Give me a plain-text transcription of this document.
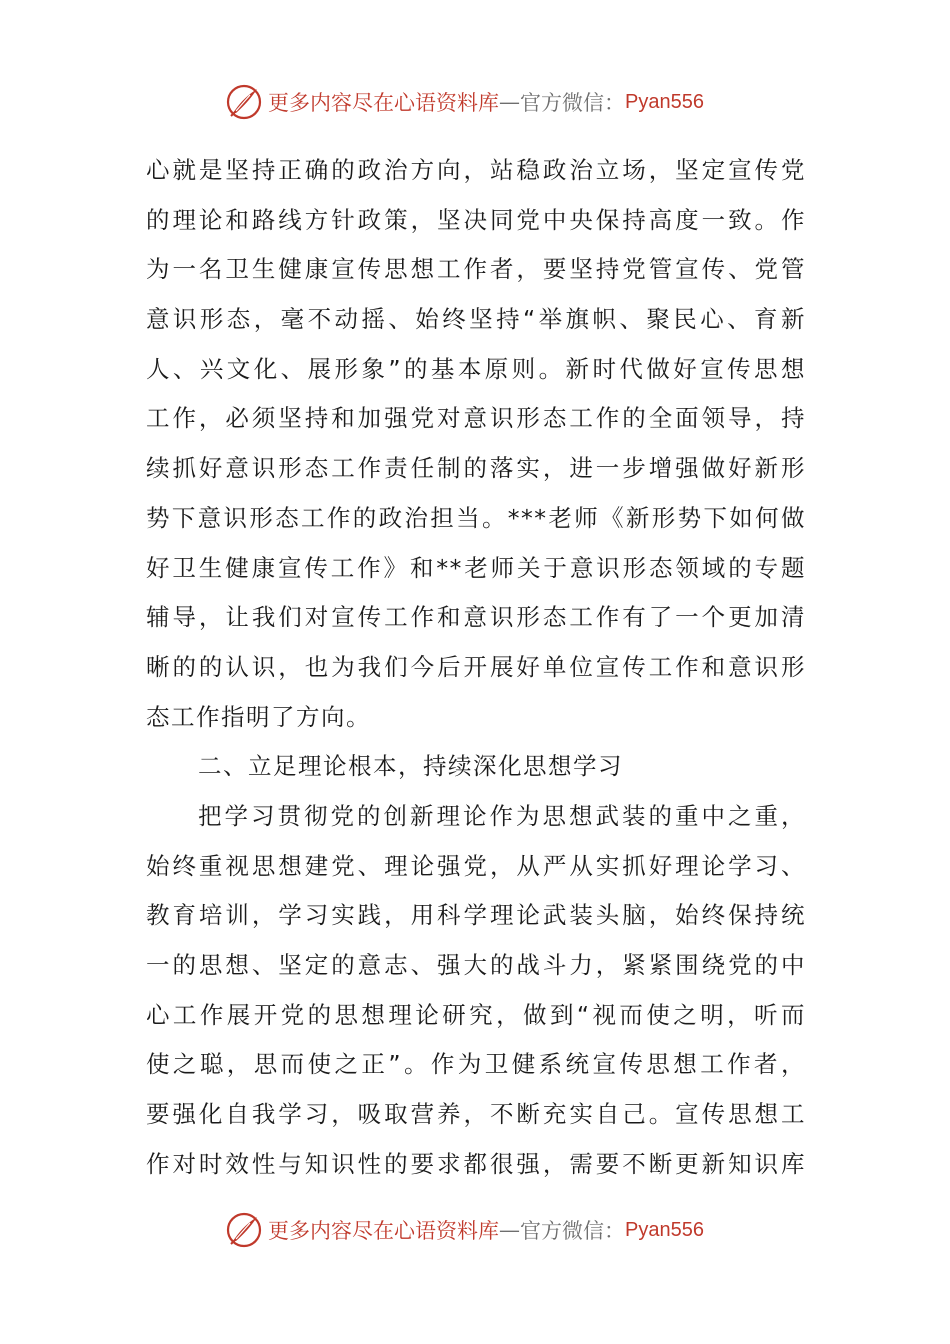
更多内容尽在心语资料库 — 官方微信： Pyan556
心就是坚持正确的政治方向，站稳政治立场，坚定宣传党
的理论和路线方针政策，坚决同党中央保持高度一致。作
为一名卫生健康宣传思想工作者，要坚持党管宣传、党管
意识形态，毫不动摇、始终坚持“举旗帜、聚民心、育新
人、兴文化、展形象”的基本原则。新时代做好宣传思想
工作，必须坚持和加强党对意识形态工作的全面领导，持
续抓好意识形态工作责任制的落实，进一步增强做好新形
势下意识形态工作的政治担当。***老师《新形势下如何做
好卫生健康宣传工作》和**老师关于意识形态领域的专题
辅导，让我们对宣传工作和意识形态工作有了一个更加清
晰的的认识，也为我们今后开展好单位宣传工作和意识形
态工作指明了方向。
二、立足理论根本，持续深化思想学习
把学习贯彻党的创新理论作为思想武装的重中之重，
始终重视思想建党、理论强党，从严从实抓好理论学习、
教育培训，学习实践，用科学理论武装头脑，始终保持统
一的思想、坚定的意志、强大的战斗力，紧紧围绕党的中
心工作展开党的思想理论研究，做到“视而使之明，听而
使之聪，思而使之正”。作为卫健系统宣传思想工作者，
要强化自我学习，吸取营养，不断充实自己。宣传思想工
作对时效性与知识性的要求都很强，需要不断更新知识库
更多内容尽在心语资料库 — 官方微信： Pyan556
